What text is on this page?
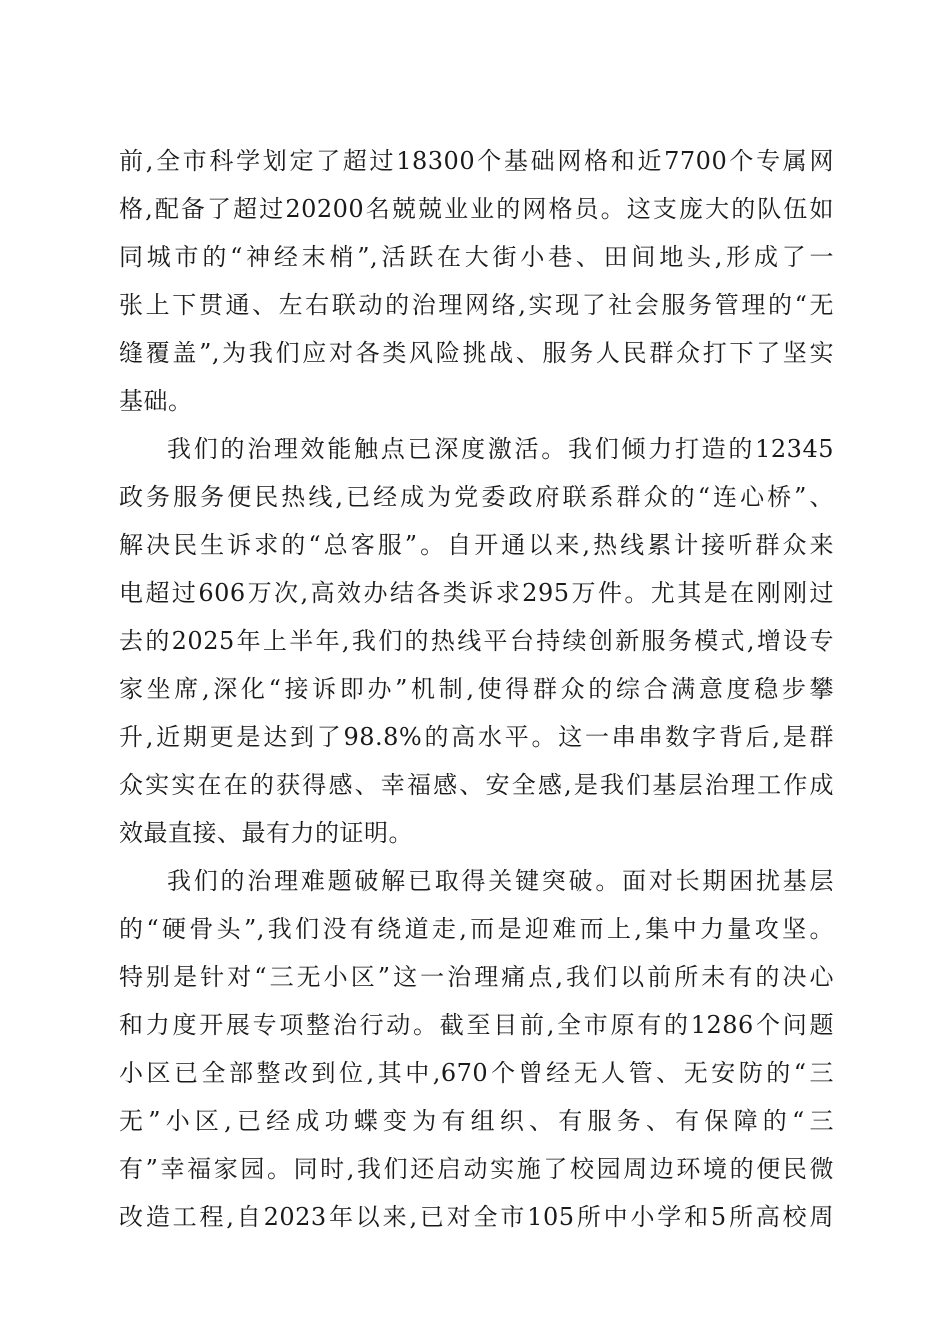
前,全市科学划定了超过18300个基础网格和近7700个专属网
格,配备了超过20200名兢兢业业的网格员。这支庞大的队伍如
同城市的“神经末梢”,活跃在大街小巷、田间地头,形成了一
张上下贯通、左右联动的治理网络,实现了社会服务管理的“无
缝覆盖”,为我们应对各类风险挑战、服务人民群众打下了坚实
基础。
我们的治理效能触点已深度激活。我们倾力打造的12345
政务服务便民热线,已经成为党委政府联系群众的“连心桥”、
解决民生诉求的“总客服”。自开通以来,热线累计接听群众来
电超过606万次,高效办结各类诉求295万件。尤其是在刚刚过
去的2025年上半年,我们的热线平台持续创新服务模式,增设专
家坐席,深化“接诉即办”机制,使得群众的综合满意度稳步攀
升,近期更是达到了98.8%的高水平。这一串串数字背后,是群
众实实在在的获得感、幸福感、安全感,是我们基层治理工作成
效最直接、最有力的证明。
我们的治理难题破解已取得关键突破。面对长期困扰基层
的“硬骨头”,我们没有绕道走,而是迎难而上,集中力量攻坚。
特别是针对“三无小区”这一治理痛点,我们以前所未有的决心
和力度开展专项整治行动。截至目前,全市原有的1286个问题
小区已全部整改到位,其中,670个曾经无人管、无安防的“三
无”小区,已经成功蝶变为有组织、有服务、有保障的“三
有”幸福家园。同时,我们还启动实施了校园周边环境的便民微
改造工程,自2023年以来,已对全市105所中小学和5所高校周
